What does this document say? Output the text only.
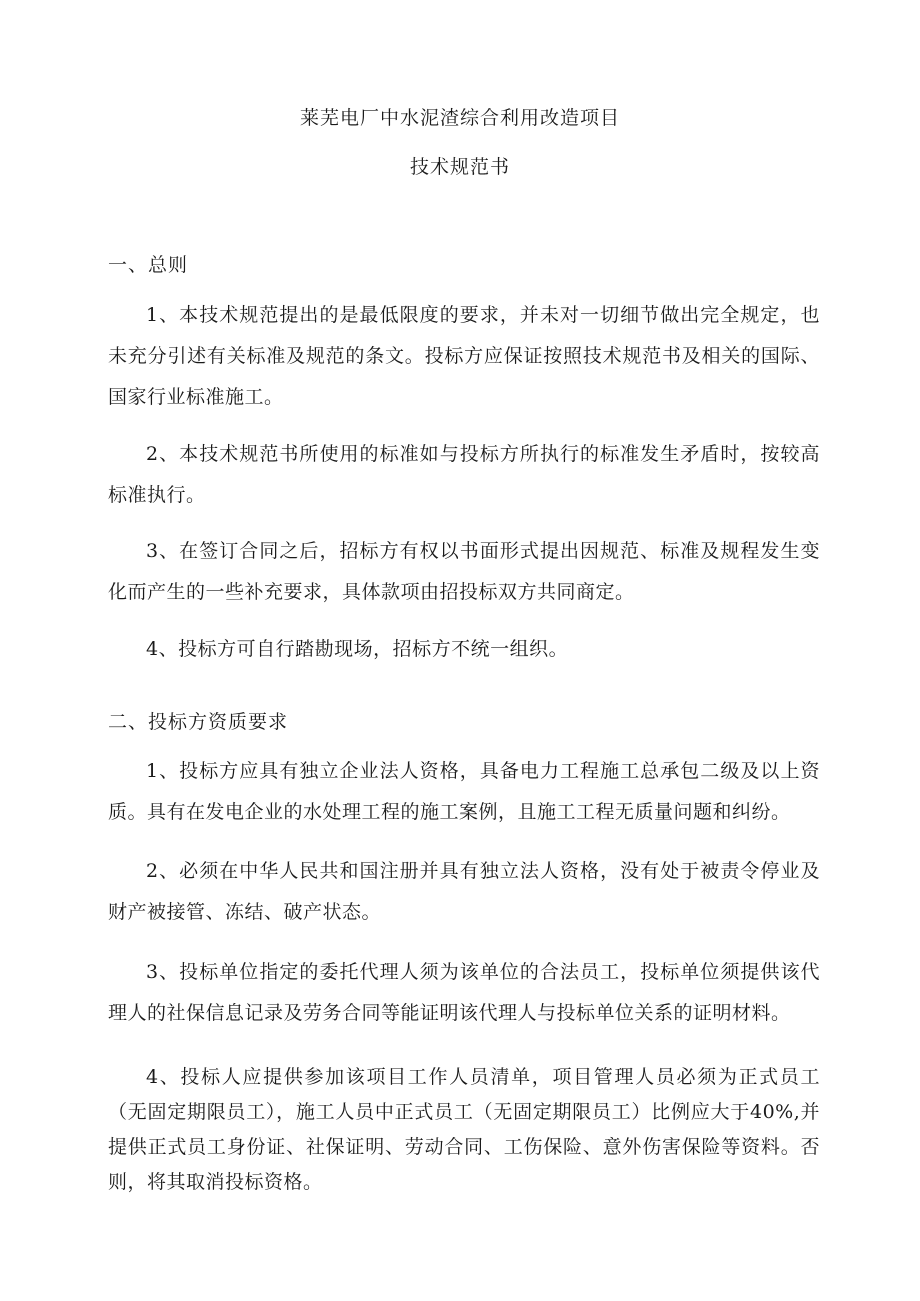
莱芜电厂中水泥渣综合利用改造项目
技术规范书
一、总则
1、本技术规范提出的是最低限度的要求，并未对一切细节做出完全规定，也未充分引述有关标准及规范的条文。投标方应保证按照技术规范书及相关的国际、国家行业标准施工。
2、本技术规范书所使用的标准如与投标方所执行的标准发生矛盾时，按较高标准执行。
3、在签订合同之后，招标方有权以书面形式提出因规范、标准及规程发生变化而产生的一些补充要求，具体款项由招投标双方共同商定。
4、投标方可自行踏勘现场，招标方不统一组织。
二、投标方资质要求
1、投标方应具有独立企业法人资格，具备电力工程施工总承包二级及以上资质。具有在发电企业的水处理工程的施工案例，且施工工程无质量问题和纠纷。
2、必须在中华人民共和国注册并具有独立法人资格，没有处于被责令停业及财产被接管、冻结、破产状态。
3、投标单位指定的委托代理人须为该单位的合法员工，投标单位须提供该代理人的社保信息记录及劳务合同等能证明该代理人与投标单位关系的证明材料。
4、投标人应提供参加该项目工作人员清单，项目管理人员必须为正式员工（无固定期限员工），施工人员中正式员工（无固定期限员工）比例应大于40%,并提供正式员工身份证、社保证明、劳动合同、工伤保险、意外伤害保险等资料。否则，将其取消投标资格。
